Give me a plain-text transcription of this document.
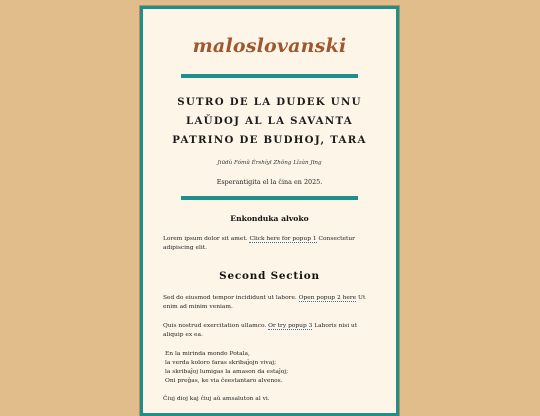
maloslovanski
SUTRO DE LA DUDEK UNU LAŬDOJ AL LA SAVANTA PATRINO DE BUDHOJ, TARA
Jiūdù Fómǔ Èrshíyī Zhǒng Lǐzàn Jīng
Esperantigita el la ĉina en 2025.
Enkonduka alvoko

Lorem ipsum dolor sit amet. Click here for popup 1 Consectetur adipiscing elit.

Second Section

Sed do eiusmod tempor incididunt ut labore. Open popup 2 here Ut enim ad minim veniam.

Quis nostrud exercitation ullamco. Or try popup 3 Laboris nisi ut aliquip ex ea.

En la mirinda mondo Potala,
la verda koloro faras skribaĵojn vivaj;
la skribaĵoj lumigas la amason da estaĵoj;
Oni preĝas, ke via ĉeestantaro alvenos.

Ĉiuj dioj kaj ĉiuj aŭ amsaluton al vi.
